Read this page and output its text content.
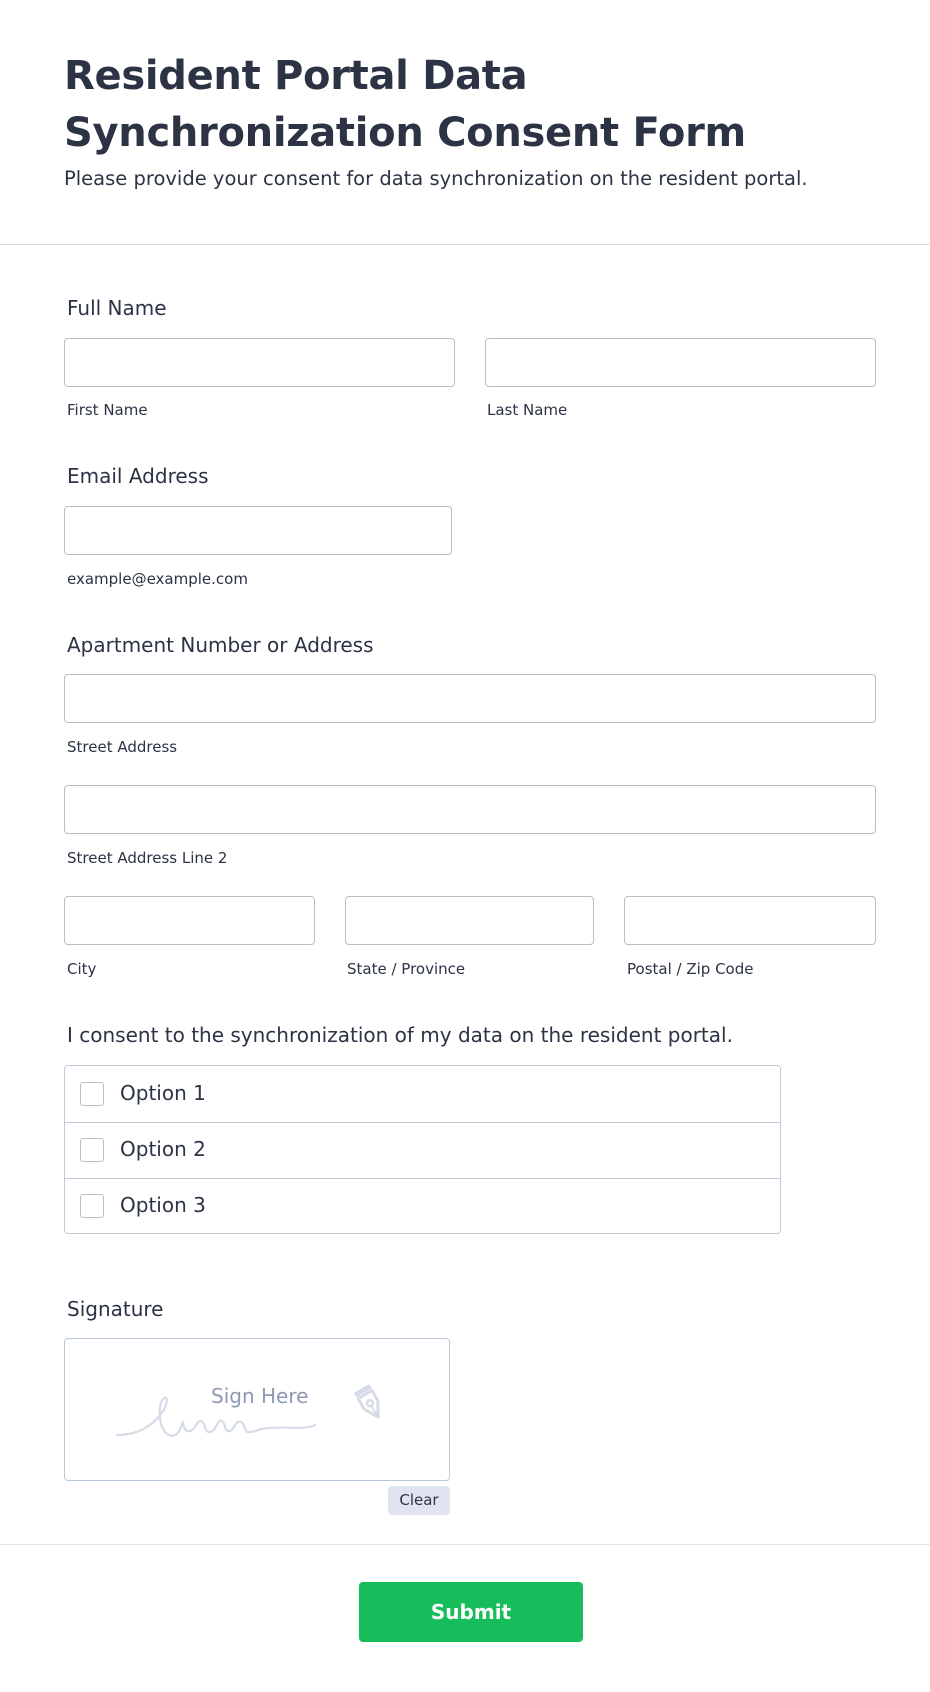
Resident Portal Data Synchronization Consent Form

Please provide your consent for data synchronization on the resident portal.

Full Name
First Name	Last Name
Email Address
example@example.com
Apartment Number or Address
Street Address
Street Address Line 2
City	State / Province	Postal / Zip Code
I consent to the synchronization of my data on the resident portal.
Option 1
Option 2
Option 3
Signature
Sign Here
Clear
Submit
